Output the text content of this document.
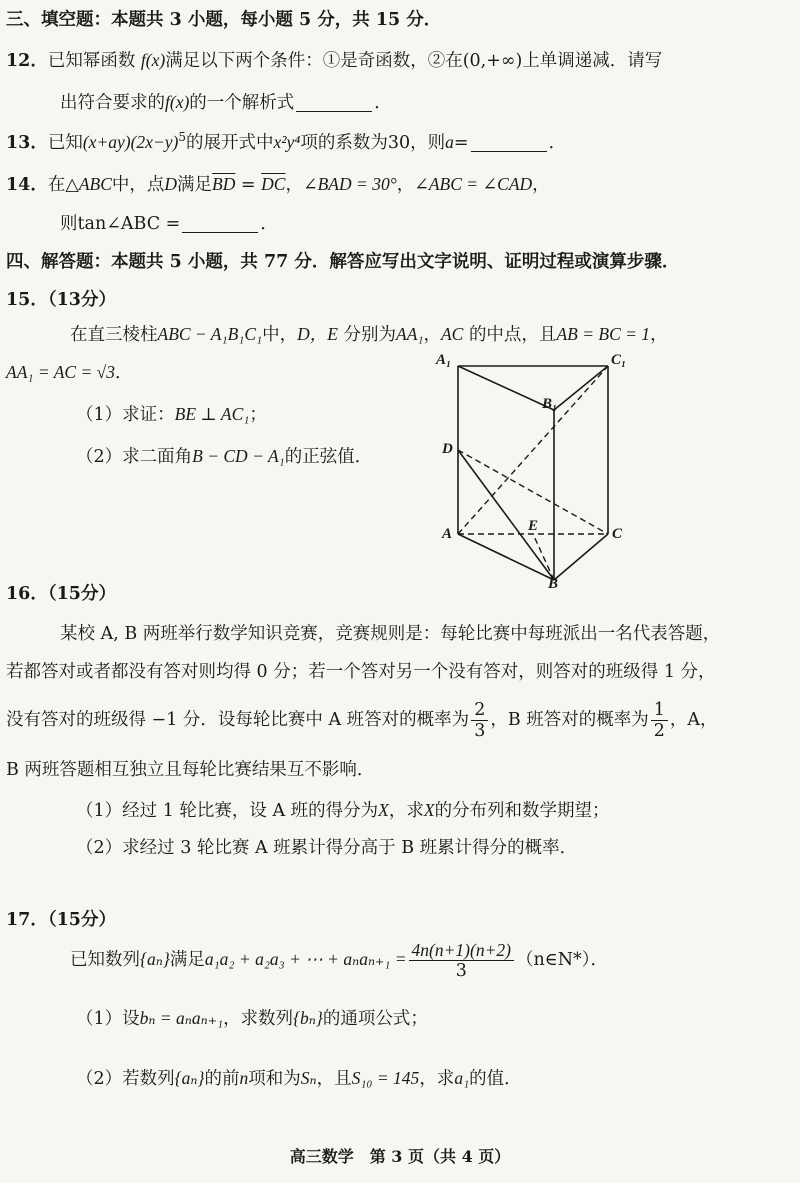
三、填空题：本题共 3 小题，每小题 5 分，共 15 分．
12．已知幂函数 f(x)满足以下两个条件：①是奇函数，②在(0,+∞)上单调递减．请写
出符合要求的f(x)的一个解析式	．
13．已知$(x+ay)(2x-y)^5$的展开式中x²y⁴项的系数为30，则a=	．
14．在△ABC中，点D满足$\overline{BD} = \overline{DC}$，∠BAD = 30°，∠ABC = ∠CAD，
则tan∠ABC =	．
四、解答题：本题共 5 小题，共 77 分．解答应写出文字说明、证明过程或演算步骤．
15．（13分）
在直三棱柱ABC − A₁B₁C₁中，D，E 分别为AA₁，AC 的中点，且AB = BC = 1，
AA₁ = AC = √3．
（1）求证：BE ⊥ AC₁；
（2）求二面角B − CD − A₁的正弦值．
A₁	C₁
B₁
D
A	E	C
B
16．（15分）
某校 A, B 两班举行数学知识竞赛，竞赛规则是：每轮比赛中每班派出一名代表答题，
若都答对或者都没有答对则均得 0 分；若一个答对另一个没有答对，则答对的班级得 1 分，
没有答对的班级得 −1 分．设每轮比赛中 A 班答对的概率为 $\frac{2}{3}$ ，B 班答对的概率为 $\frac{1}{2}$ ，A，
B 两班答题相互独立且每轮比赛结果互不影响．
（1）经过 1 轮比赛，设 A 班的得分为X，求X的分布列和数学期望；
（2）求经过 3 轮比赛 A 班累计得分高于 B 班累计得分的概率．
17．（15分）
已知数列{aₙ}满足a₁a₂ + a₂a₃ + ⋯ + $a_na_{n+1} = \frac{4n(n+1)(n+2)}{3}$ （n∈N*）．
（1）设bₙ = aₙaₙ₊₁，求数列{bₙ}的通项公式；
（2）若数列{aₙ}的前n项和为Sₙ，且S₁₀ = 145，求a₁的值．
高三数学　第 3 页（共 4 页）
